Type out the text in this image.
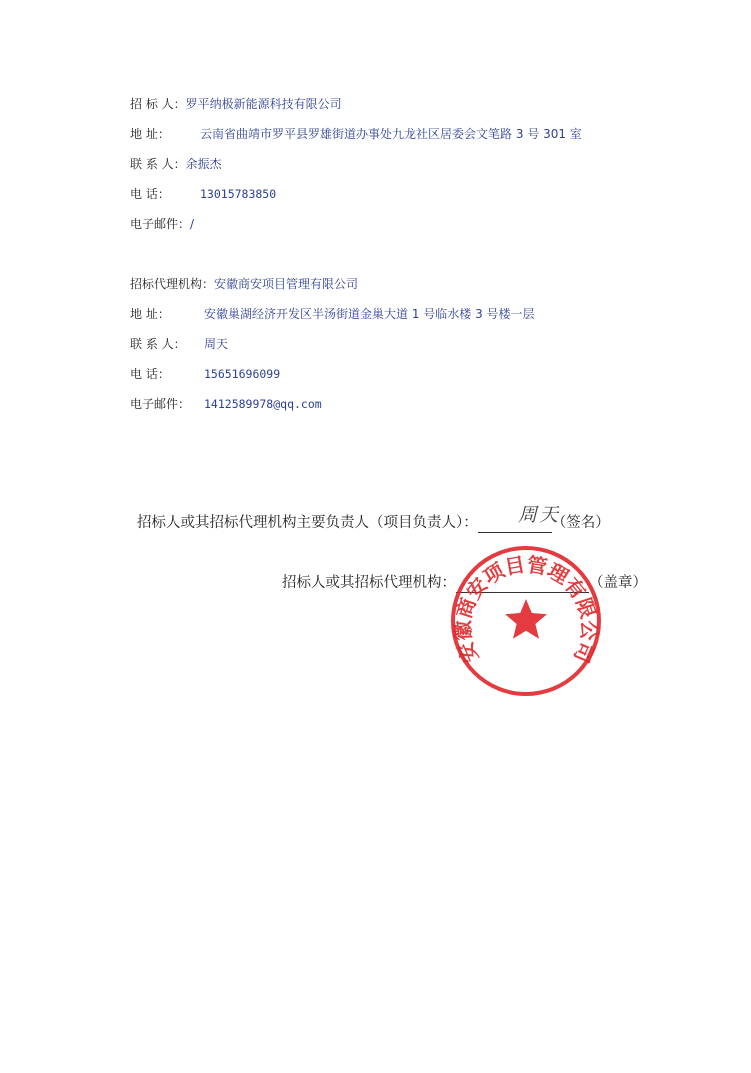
招 标 人：罗平纳极新能源科技有限公司
地 址：	云南省曲靖市罗平县罗雄街道办事处九龙社区居委会文笔路 3 号 301 室
联 系 人：余振杰
电 话：	13015783850
电子邮件：/
招标代理机构：安徽商安项目管理有限公司
地 址：	安徽巢湖经济开发区半汤街道金巢大道 1 号临水楼 3 号楼一层
联 系 人： 周天
电 话：	15651696099
电子邮件： 1412589978@qq.com
招标人或其招标代理机构主要负责人（项目负责人）：	（签名）
周天
招标人或其招标代理机构：	（盖章）
安徽商安项目管理有限公司
